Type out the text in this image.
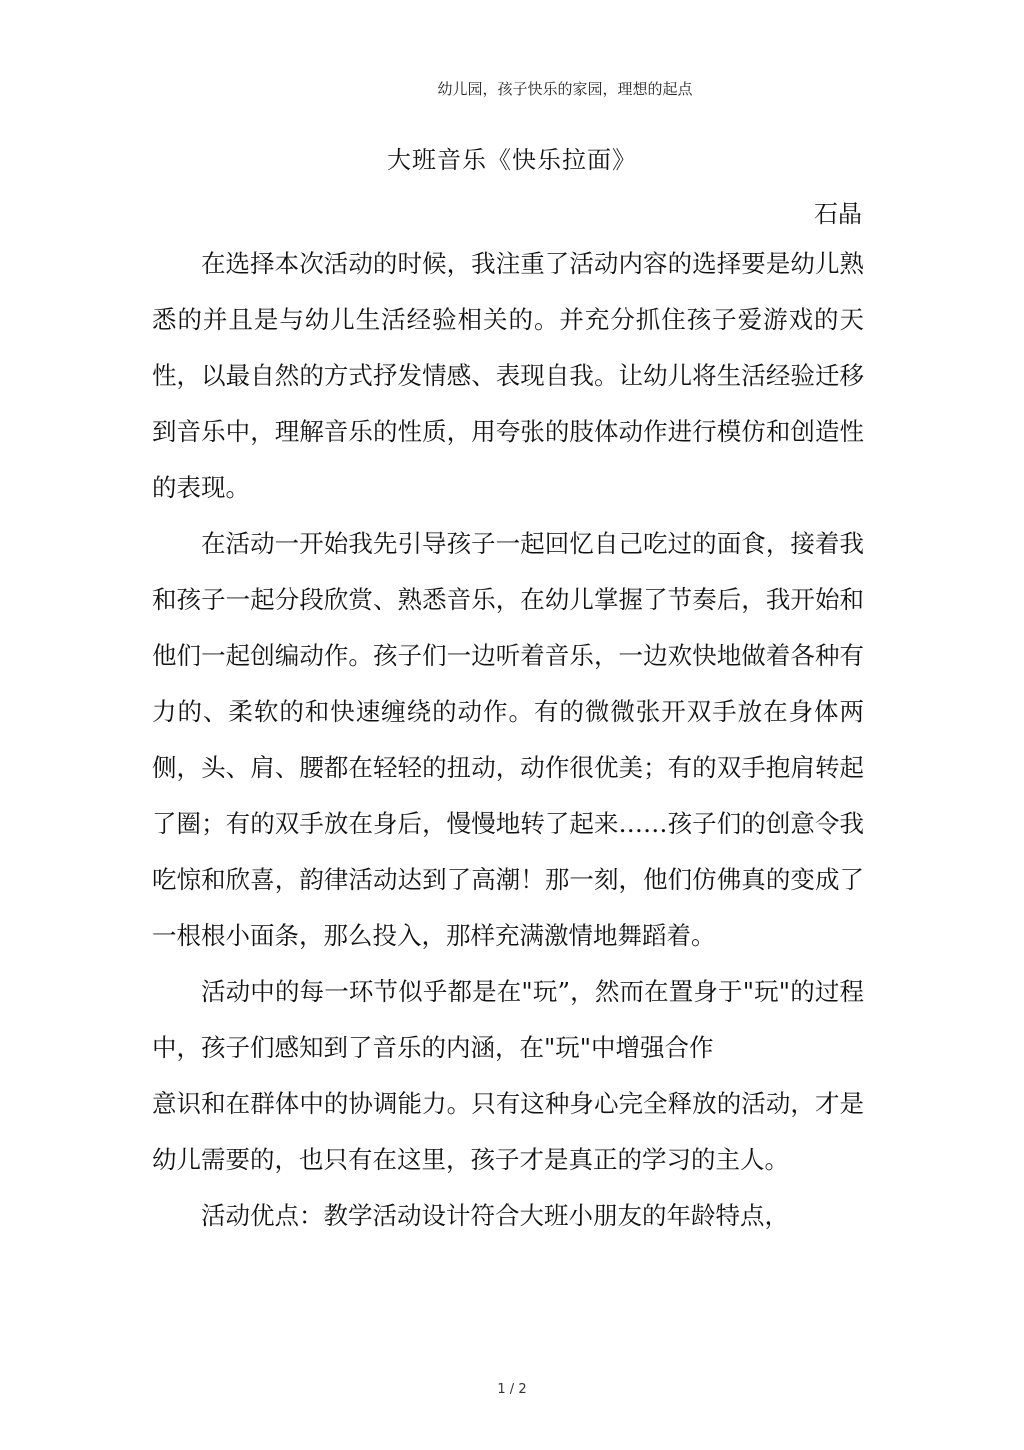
幼儿园，孩子快乐的家园，理想的起点
大班音乐《快乐拉面》
石晶

在选择本次活动的时候，我注重了活动内容的选择要是幼儿熟悉的并且是与幼儿生活经验相关的。并充分抓住孩子爱游戏的天性，以最自然的方式抒发情感、表现自我。让幼儿将生活经验迁移到音乐中，理解音乐的性质，用夸张的肢体动作进行模仿和创造性的表现。

在活动一开始我先引导孩子一起回忆自己吃过的面食，接着我和孩子一起分段欣赏、熟悉音乐，在幼儿掌握了节奏后，我开始和他们一起创编动作。孩子们一边听着音乐，一边欢快地做着各种有力的、柔软的和快速缠绕的动作。有的微微张开双手放在身体两侧，头、肩、腰都在轻轻的扭动，动作很优美；有的双手抱肩转起了圈；有的双手放在身后，慢慢地转了起来……孩子们的创意令我吃惊和欣喜，韵律活动达到了高潮！那一刻，他们仿佛真的变成了一根根小面条，那么投入，那样充满激情地舞蹈着。

活动中的每一环节似乎都是在"玩”，然而在置身于"玩"的过程中，孩子们感知到了音乐的内涵，在"玩"中增强合作

意识和在群体中的协调能力。只有这种身心完全释放的活动，才是幼儿需要的，也只有在这里，孩子才是真正的学习的主人。

活动优点：教学活动设计符合大班小朋友的年龄特点，

1 / 2
